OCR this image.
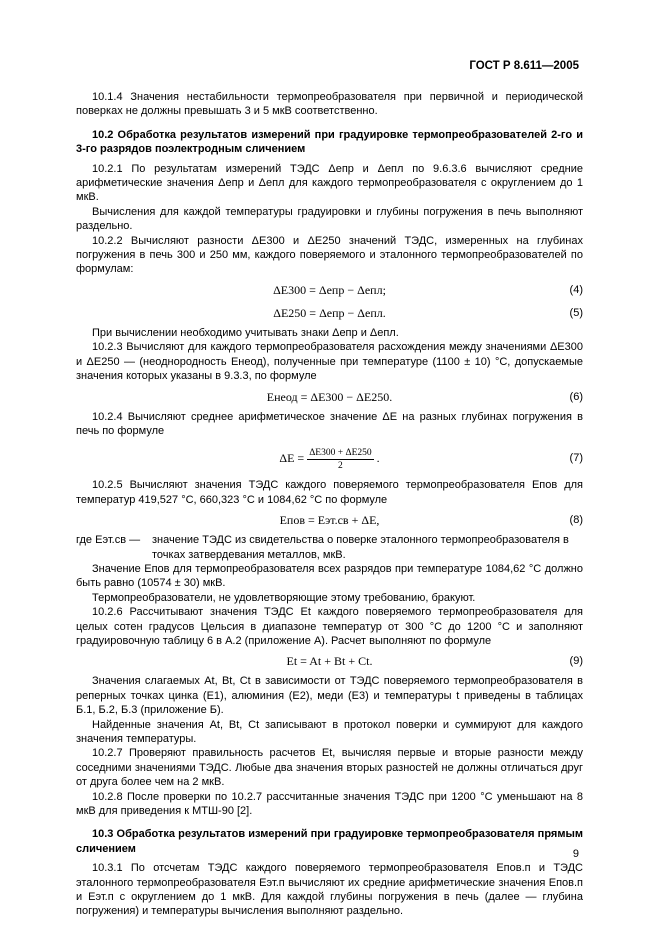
ГОСТ Р 8.611—2005

10.1.4 Значения нестабильности термопреобразователя при первичной и периодической поверках не должны превышать 3 и 5 мкВ соответственно.

10.2 Обработка результатов измерений при градуировке термопреобразователей 2-го и 3-го разрядов поэлектродным сличением

10.2.1 По результатам измерений ТЭДС Δeпр и Δeпл по 9.6.3.6 вычисляют средние арифметические значения Δeпр и Δeпл для каждого термопреобразователя с округлением до 1 мкВ.

Вычисления для каждой температуры градуировки и глубины погружения в печь выполняют раздельно.

10.2.2 Вычисляют разности ΔE300 и ΔE250 значений ТЭДС, измеренных на глубинах погружения в печь 300 и 250 мм, каждого поверяемого и эталонного термопреобразователей по формулам:

ΔE300 = Δeпр − Δeпл;	(4)
ΔE250 = Δeпр − Δeпл.	(5)

При вычислении необходимо учитывать знаки Δeпр и Δeпл.

10.2.3 Вычисляют для каждого термопреобразователя расхождения между значениями ΔE300 и ΔE250 — (неоднородность Eнеод), полученные при температуре (1100 ± 10) °С, допускаемые значения которых указаны в 9.3.3, по формуле

Eнеод = ΔE300 − ΔE250.	(6)

10.2.4 Вычисляют среднее арифметическое значение ΔE на разных глубинах погружения в печь по формуле

$\Delta E = \frac{\Delta E300 + \Delta E250}{2}$ .	(7)

10.2.5 Вычисляют значения ТЭДС каждого поверяемого термопреобразователя Eпов для температур 419,527 °С, 660,323 °С и 1084,62 °С по формуле

Eпов = Eэт.св + ΔE,	(8)
где Eэт.св —	значение ТЭДС из свидетельства о поверке эталонного термопреобразователя в точках затвердевания металлов, мкВ.

Значение Eпов для термопреобразователя всех разрядов при температуре 1084,62 °С должно быть равно (10574 ± 30) мкВ.

Термопреобразователи, не удовлетворяющие этому требованию, бракуют.

10.2.6 Рассчитывают значения ТЭДС Et каждого поверяемого термопреобразователя для целых сотен градусов Цельсия в диапазоне температур от 300 °С до 1200 °С и заполняют градуировочную таблицу 6 в А.2 (приложение А). Расчет выполняют по формуле

Et = At + Bt + Ct.	(9)

Значения слагаемых At, Bt, Ct в зависимости от ТЭДС поверяемого термопреобразователя в реперных точках цинка (E1), алюминия (E2), меди (E3) и температуры t приведены в таблицах Б.1, Б.2, Б.3 (приложение Б).

Найденные значения At, Bt, Ct записывают в протокол поверки и суммируют для каждого значения температуры.

10.2.7 Проверяют правильность расчетов Et, вычисляя первые и вторые разности между соседними значениями ТЭДС. Любые два значения вторых разностей не должны отличаться друг от друга более чем на 2 мкВ.

10.2.8 После проверки по 10.2.7 рассчитанные значения ТЭДС при 1200 °С уменьшают на 8 мкВ для приведения к МТШ-90 [2].

10.3 Обработка результатов измерений при градуировке термопреобразователя прямым сличением

10.3.1 По отсчетам ТЭДС каждого поверяемого термопреобразователя Eпов.п и ТЭДС эталонного термопреобразователя Eэт.п вычисляют их средние арифметические значения Eпов.п и Eэт.п с округлением до 1 мкВ. Для каждой глубины погружения в печь (далее — глубина погружения) и температуры вычисления выполняют раздельно.

9
